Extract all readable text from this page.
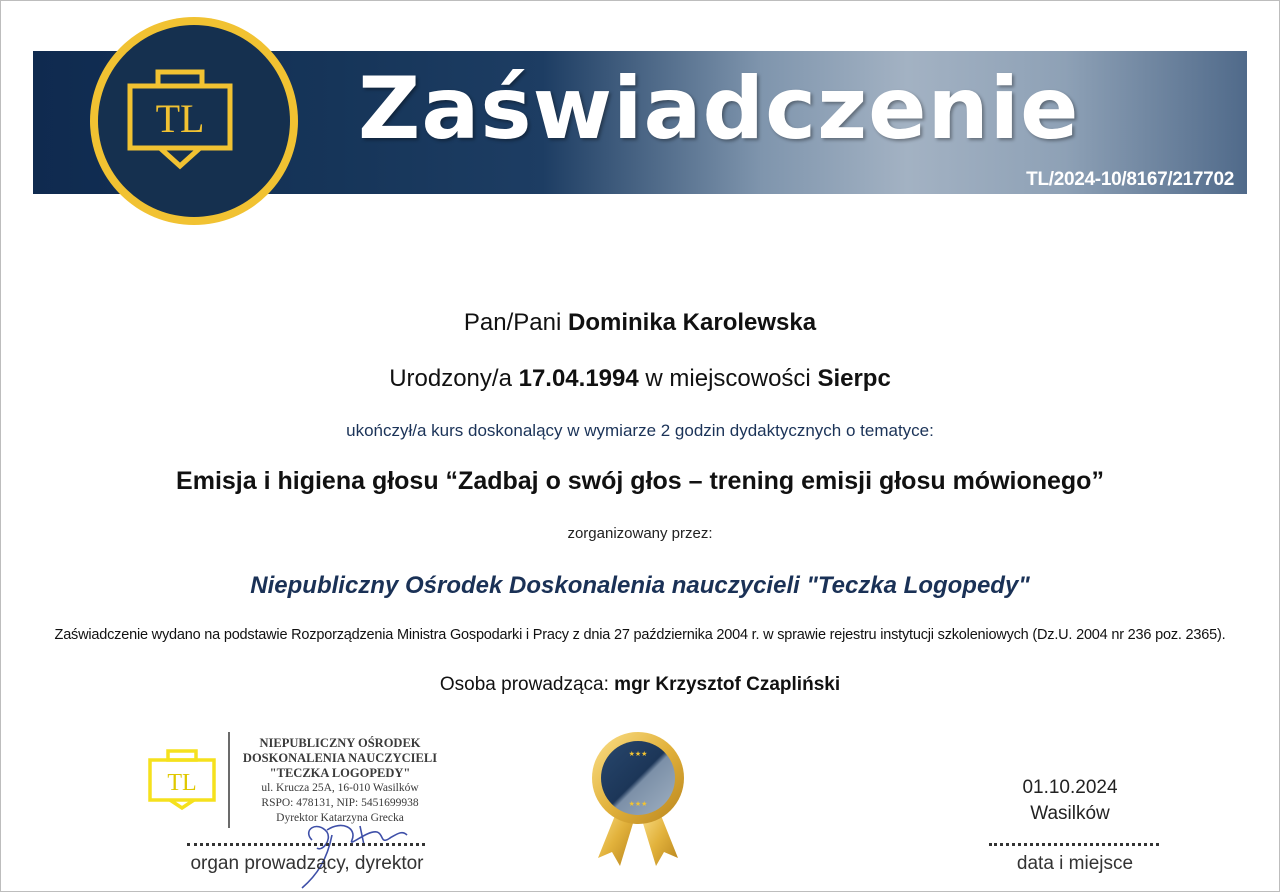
TL Zaświadczenie
TL/2024-10/8167/217702
Pan/Pani Dominika Karolewska
Urodzony/a 17.04.1994 w miejscowości Sierpc
ukończył/a kurs doskonalący w wymiarze 2 godzin dydaktycznych o tematyce:
Emisja i higiena głosu “Zadbaj o swój głos – trening emisji głosu mówionego”
zorganizowany przez:
Niepubliczny Ośrodek Doskonalenia nauczycieli "Teczka Logopedy"
Zaświadczenie wydano na podstawie Rozporządzenia Ministra Gospodarki i Pracy z dnia 27 października 2004 r. w sprawie rejestru instytucji szkoleniowych (Dz.U. 2004 nr 236 poz. 2365).
Osoba prowadząca: mgr Krzysztof Czapliński
TL
NIEPUBLICZNY OŚRODEK
DOSKONALENIA NAUCZYCIELI
"TECZKA LOGOPEDY"
ul. Krucza 25A, 16-010 Wasilków
RSPO: 478131, NIP: 5451699938
Dyrektor Katarzyna Grecka
organ prowadzący, dyrektor
★★★
★★★
01.10.2024
Wasilków
data i miejsce
